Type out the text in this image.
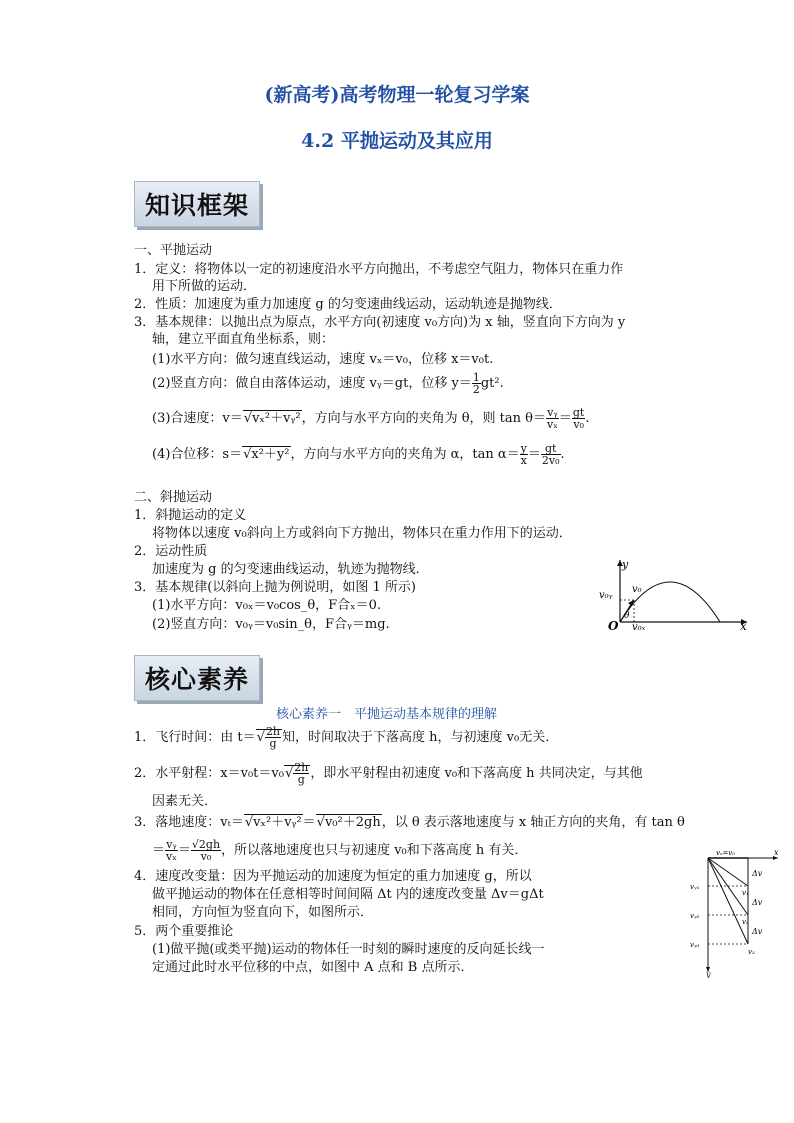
(新高考)高考物理一轮复习学案
4.2 平抛运动及其应用
知识框架
一、平抛运动
1．定义：将物体以一定的初速度沿水平方向抛出，不考虑空气阻力，物体只在重力作
用下所做的运动．
2．性质：加速度为重力加速度 g 的匀变速曲线运动，运动轨迹是抛物线．
3．基本规律：以抛出点为原点，水平方向(初速度 v₀方向)为 x 轴，竖直向下方向为 y
轴，建立平面直角坐标系，则：
(1)水平方向：做匀速直线运动，速度 vₓ＝v₀，位移 x＝v₀t.
(2)竖直方向：做自由落体运动，速度 vᵧ＝gt，位移 $y= \frac{1}{2} gt^2$.
(3)合速度：v＝√vₓ²＋vᵧ²，方向与水平方向的夹角为 θ，则 $\tan \theta= \frac{\text{vᵧ}}{\text{vₓ}} = \frac{gt}{\text{v₀}}$ .
(4)合位移：s＝√x²＋y²，方向与水平方向的夹角为 α，$\tan \alpha= \frac{y}{x} = \frac{gt}{\text{2v₀}}$ .
二、斜抛运动
1．斜抛运动的定义
将物体以速度 v₀斜向上方或斜向下方抛出，物体只在重力作用下的运动．
2．运动性质
加速度为 g 的匀变速曲线运动，轨迹为抛物线．
3．基本规律(以斜向上抛为例说明，如图 1 所示)
(1)水平方向：v₀ₓ＝v₀cos_θ，F合ₓ＝0.
(2)竖直方向：v₀ᵧ＝v₀sin_θ，F合ᵧ＝mg.
y
x
O
v₀
v₀ᵧ
v₀ₓ
θ
核心素养
核心素养一　平抛运动基本规律的理解
1．飞行时间：由 $t=√ \frac{2h}{g}$ 知，时间取决于下落高度 h，与初速度 v₀无关．
2．水平射程：$x=v_0t=v_0√ \frac{2h}{g}$ ，即水平射程由初速度 v₀和下落高度 h 共同决定，与其他
因素无关．
3．落地速度：vₜ＝√vₓ²＋vᵧ²＝√v₀²＋2gh，以 θ 表示落地速度与 x 轴正方向的夹角，有 tan θ
＝ $\frac{\text{vᵧ}}{\text{vₓ}} = \frac{√2gh}{\text{v₀}}$ ，所以落地速度也只与初速度 v₀和下落高度 h 有关．
4．速度改变量：因为平抛运动的加速度为恒定的重力加速度 g，所以
做平抛运动的物体在任意相等时间间隔 Δt 内的速度改变量 Δv＝gΔt
相同，方向恒为竖直向下，如图所示．
5．两个重要推论
(1)做平抛(或类平抛)运动的物体任一时刻的瞬时速度的反向延长线一
定通过此时水平位移的中点，如图中 A 点和 B 点所示．
vₓ=v₀	x
y
vᵧ₁
vᵧ₂
vᵧ₃
v₁
v₂
v₃
Δv
Δv
Δv
